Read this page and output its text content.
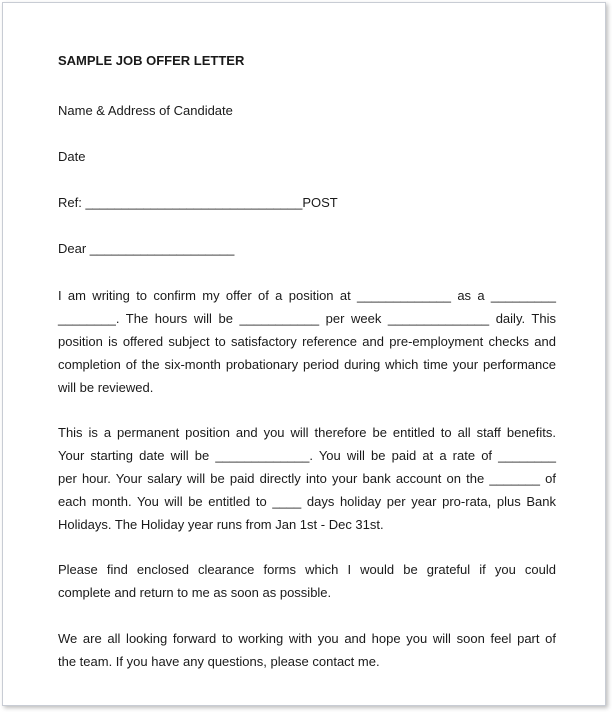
SAMPLE JOB OFFER LETTER

Name & Address of Candidate

Date

Ref: ______________________________POST

Dear ____________________

I am writing to confirm my offer of a position at _____________ as a _________
________. The hours will be ___________ per week ______________ daily. This
position is offered subject to satisfactory reference and pre-employment checks and
completion of the six-month probationary period during which time your performance
will be reviewed.
This is a permanent position and you will therefore be entitled to all staff benefits.
Your starting date will be _____________. You will be paid at a rate of ________
per hour. Your salary will be paid directly into your bank account on the _______ of
each month. You will be entitled to ____ days holiday per year pro-rata, plus Bank
Holidays. The Holiday year runs from Jan 1st - Dec 31st.
Please find enclosed clearance forms which I would be grateful if you could
complete and return to me as soon as possible.
We are all looking forward to working with you and hope you will soon feel part of
the team. If you have any questions, please contact me.
